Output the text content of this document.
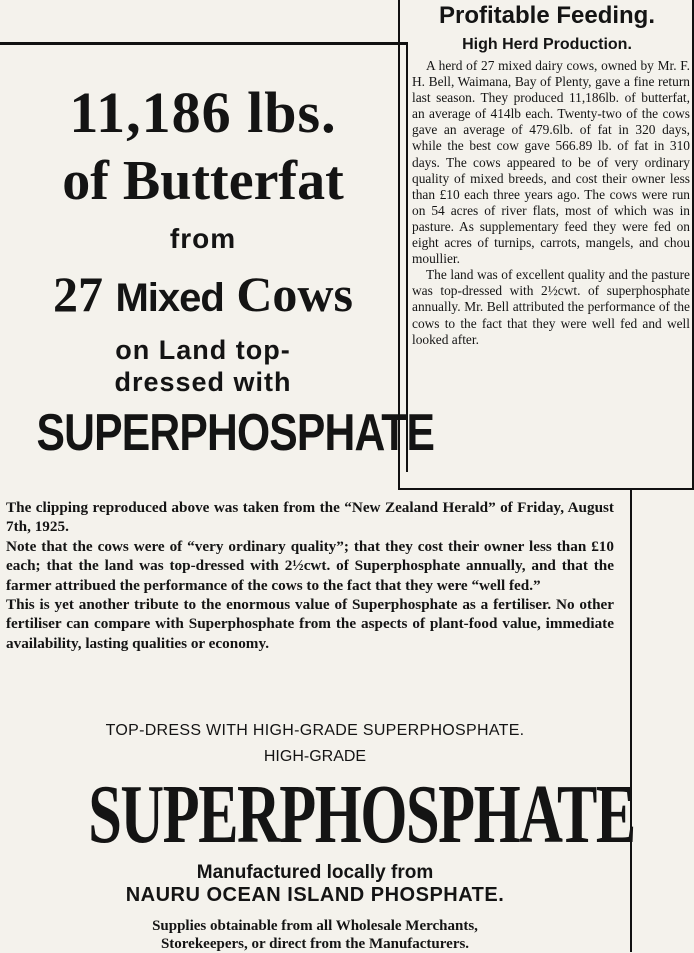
11,186 lbs.
of Butterfat
from
27 Mixed Cows
on Land top-
dressed with
SUPERPHOSPHATE
Profitable Feeding.
High Herd Production.

A herd of 27 mixed dairy cows, owned by Mr. F. H. Bell, Waimana, Bay of Plenty, gave a fine return last season. They produced 11,186lb. of butterfat, an average of 414lb each. Twenty-two of the cows gave an average of 479.6lb. of fat in 320 days, while the best cow gave 566.89 lb. of fat in 310 days. The cows appeared to be of very ordinary quality of mixed breeds, and cost their owner less than £10 each three years ago. The cows were run on 54 acres of river flats, most of which was in pasture. As supplementary feed they were fed on eight acres of turnips, carrots, mangels, and chou moullier.

The land was of excellent quality and the pasture was top-dressed with 2½cwt. of superphosphate annually. Mr. Bell attributed the performance of the cows to the fact that they were well fed and well looked after.

The clipping reproduced above was taken from the “New Zealand Herald” of Friday, August 7th, 1925.

Note that the cows were of “very ordinary quality”; that they cost their owner less than £10 each; that the land was top-dressed with 2½cwt. of Superphosphate annually, and that the farmer attribued the performance of the cows to the fact that they were “well fed.”

This is yet another tribute to the enormous value of Superphosphate as a fertiliser. No other fertiliser can compare with Superphosphate from the aspects of plant-food value, immediate availability, lasting qualities or economy.

TOP-DRESS WITH HIGH-GRADE SUPERPHOSPHATE.
HIGH-GRADE
SUPERPHOSPHATE
Manufactured locally from
NAURU OCEAN ISLAND PHOSPHATE.
Supplies obtainable from all Wholesale Merchants,
Storekeepers, or direct from the Manufacturers.
